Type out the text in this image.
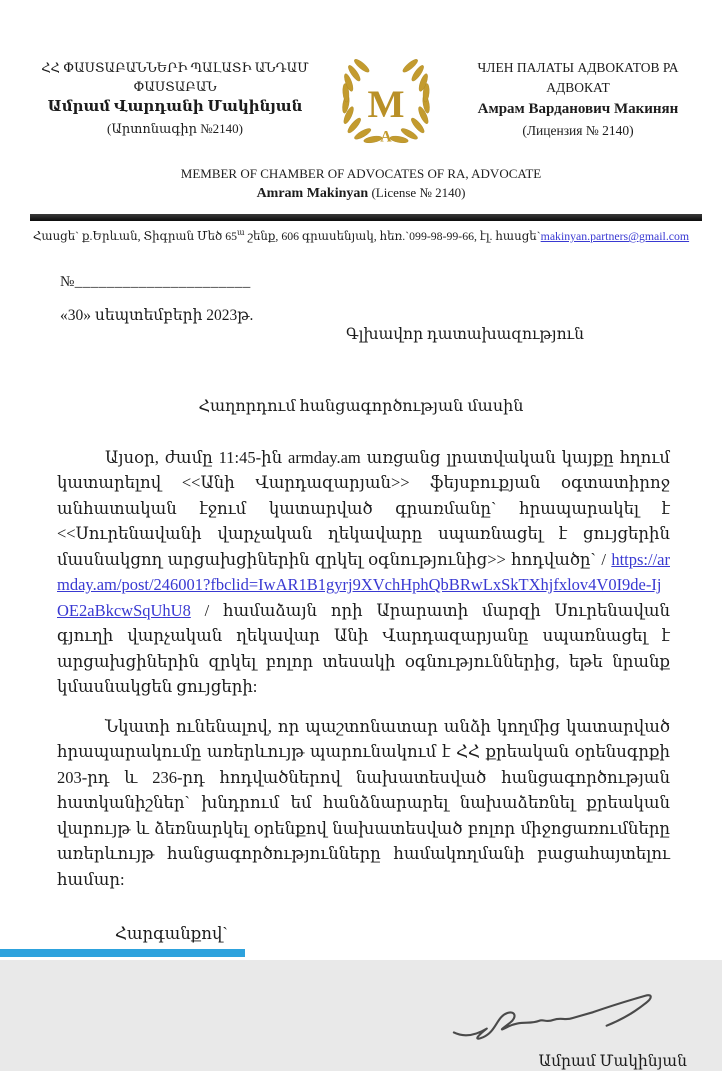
ՀՀ ՓԱՍՏԱԲԱՆՆԵՐԻ ՊԱԼԱՏԻ ԱՆԴԱՄ
ՓԱՍՏԱԲԱՆ
Ամրամ Վարդանի Մակինյան
(Արտոնագիր №2140)
M
A
ЧЛЕН ПАЛАТЫ АДВОКАТОВ РА
АДВОКАТ
Амрам Варданович Макинян
(Лицензия № 2140)
MEMBER OF CHAMBER OF ADVOCATES OF RA, ADVOCATE
Amram Makinyan (License № 2140)
Հասցե` ք.Երևան, Տիգրան Մեծ $65^ա$ շենք, 606 գրասենյակ, հեռ.`099-98-99-66, էլ. հասցե`makinyan.partners@gmail.com
№______________________
«30» սեպտեմբերի 2023թ.
Գլխավոր դատախազություն
Հաղորդում հանցագործության մասին

Այսօր, ժամը 11:45-ին armday.am առցանց լրատվական կայքը հղում կատարելով <<Անի Վարդազարյան>> ֆեյսբուքյան օգտատիրոջ անհատական էջում կատարված գրառմանը` հրապարակել է <<Սուրենավանի վարչական ղեկավարը սպառնացել է ցույցերին մասնակցող արցախցիներին զրկել օգնությունից>> հոդվածը` / https://armday.am/post/246001?fbclid=IwAR1B1gyrj9XVchHphQbBRwLxSkTXhjfxlov4V0I9de-IjOE2aBkcwSqUhU8 / համաձայն որի Արարատի մարզի Սուրենավան գյուղի վարչական ղեկավար Անի Վարդազարյանը սպառնացել է արցախցիներին զրկել բոլոր տեսակի օգնություններից, եթե նրանք կմասնակցեն ցույցերի:

Նկատի ունենալով, որ պաշտոնատար անձի կողմից կատարված հրապարակումը առերևույթ պարունակում է ՀՀ քրեական օրենսգրքի 203-րդ և 236-րդ հոդվածներով նախատեսված հանցագործության հատկանիշներ` խնդրում եմ հանձնարարել նախաձեռնել քրեական վարույթ և ձեռնարկել օրենքով նախատեսված բոլոր միջոցառումները առերևույթ հանցագործությունները համակողմանի բացահայտելու համար:

Հարգանքով`
Ամրամ Մակինյան
